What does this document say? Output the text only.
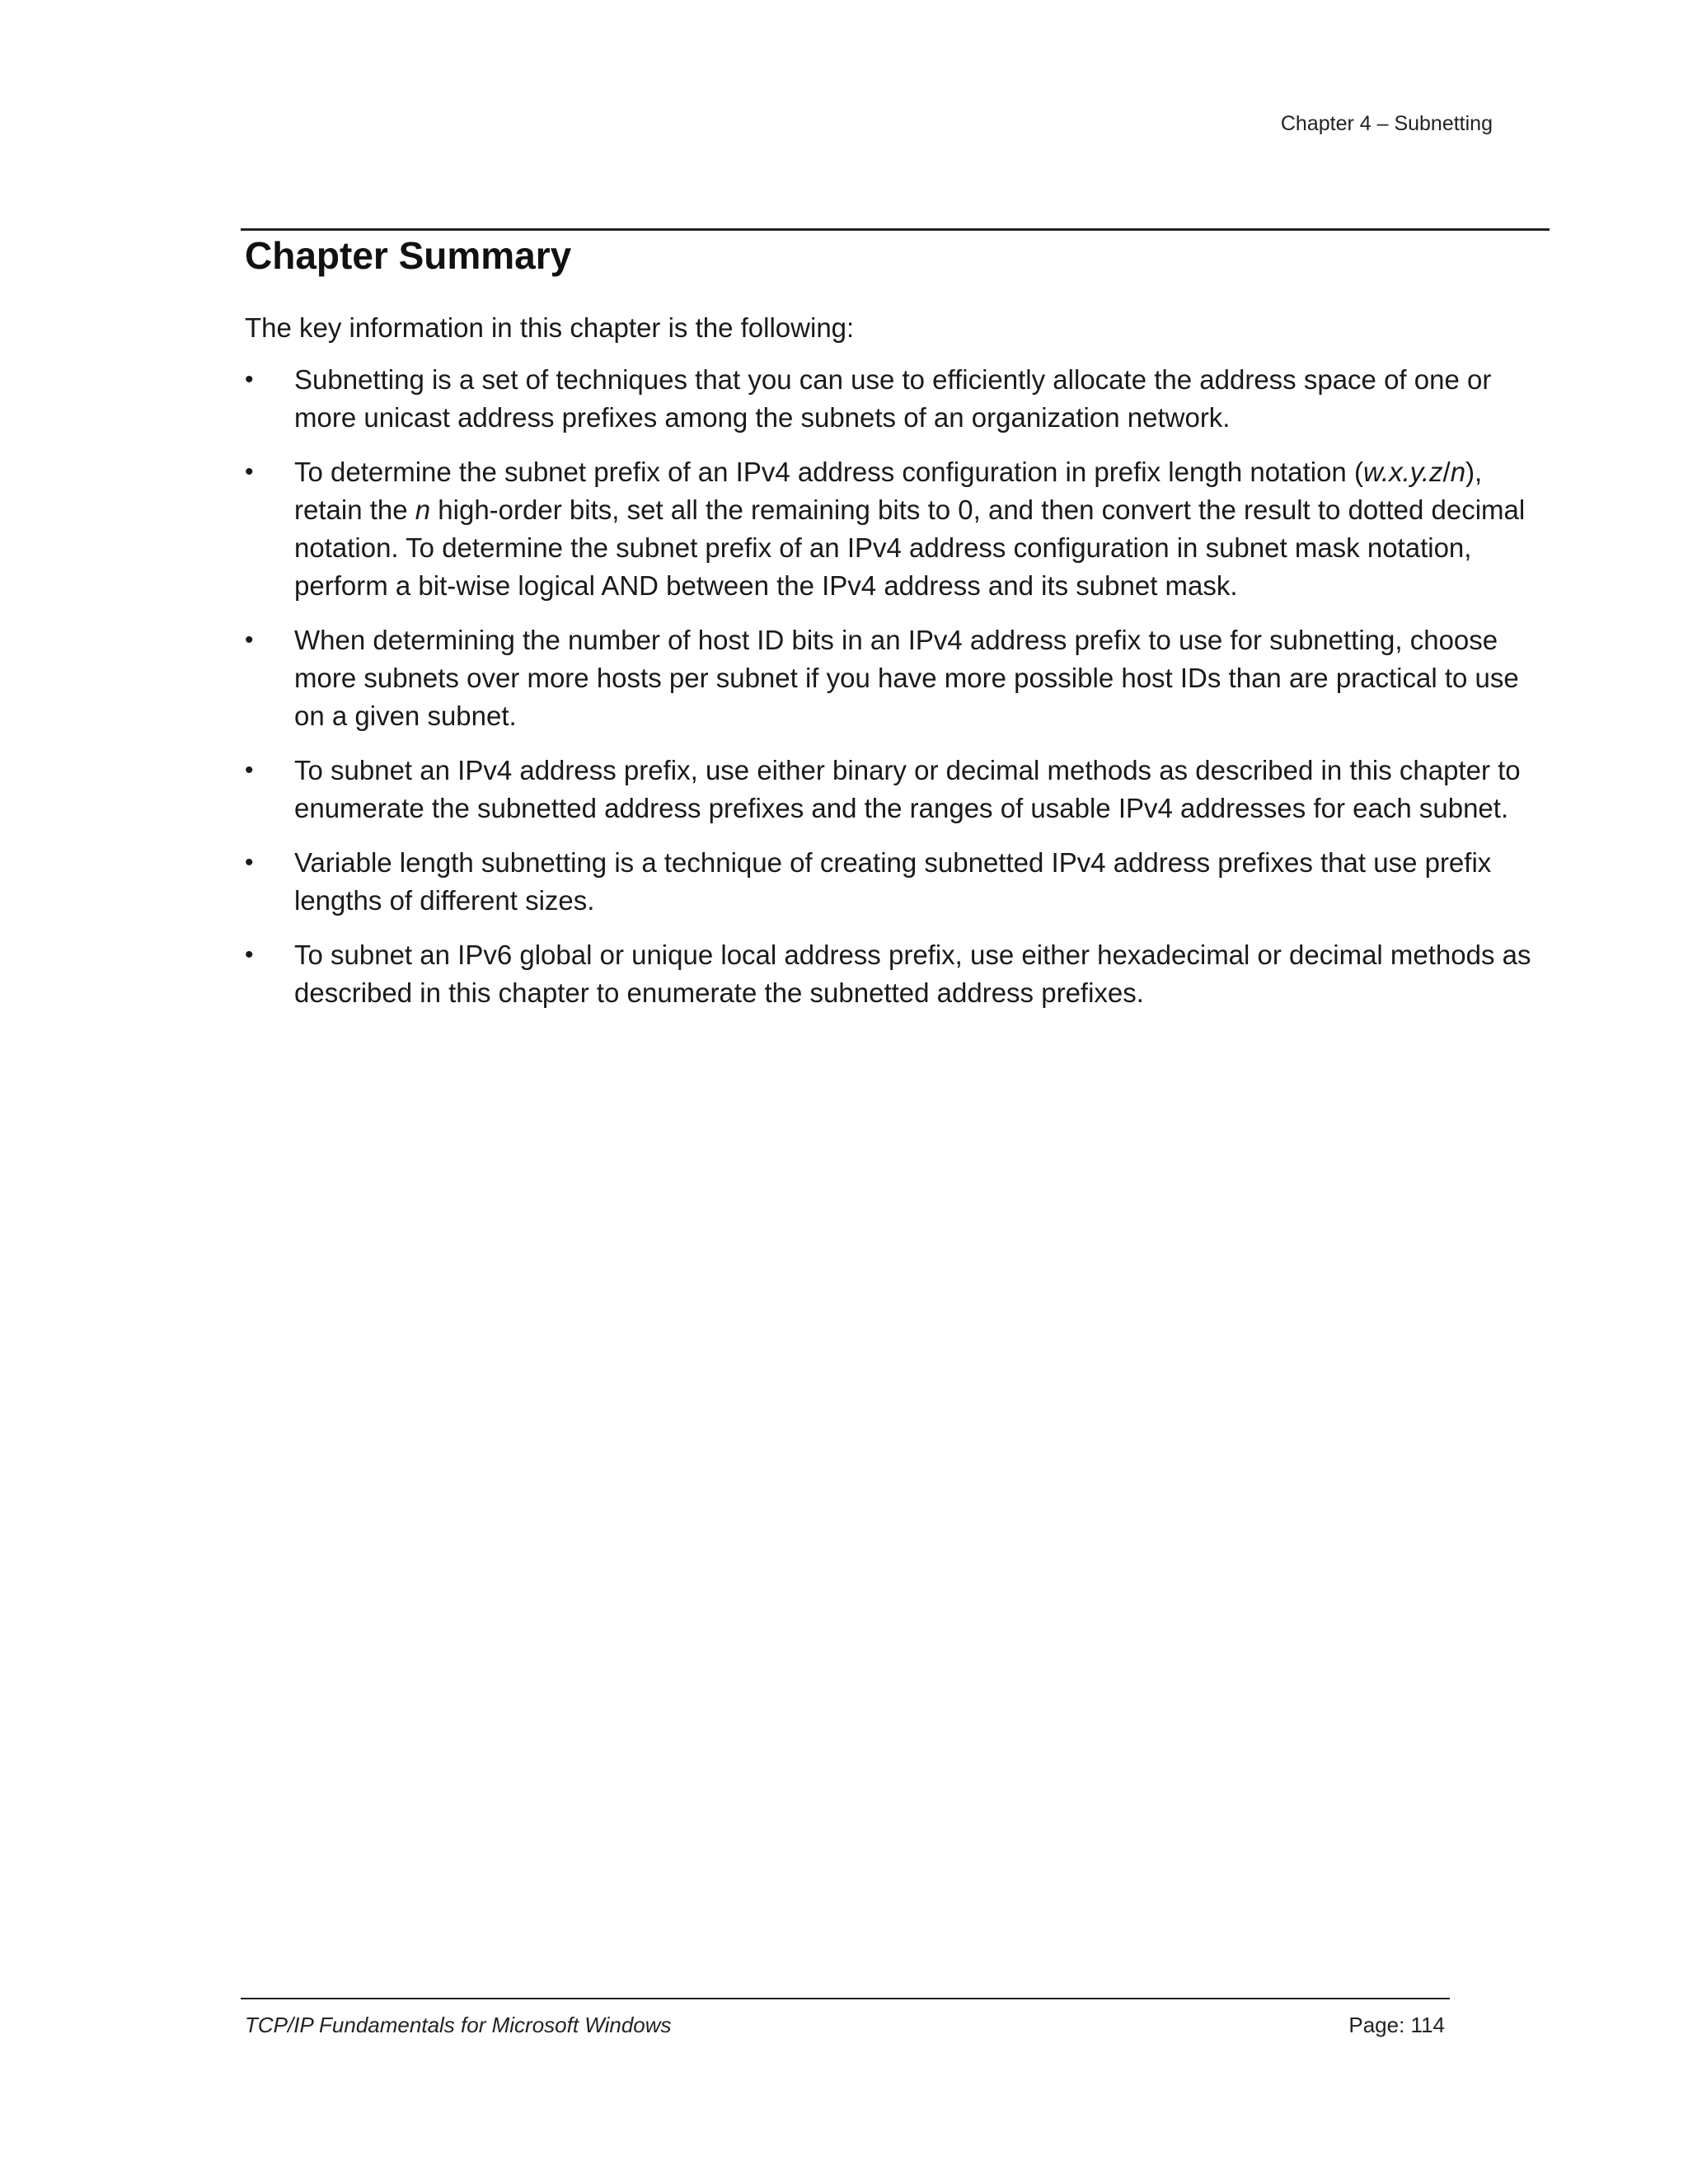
Chapter 4 – Subnetting
Chapter Summary

The key information in this chapter is the following:

• Subnetting is a set of techniques that you can use to efficiently allocate the address space of one or more unicast address prefixes among the subnets of an organization network.
• To determine the subnet prefix of an IPv4 address configuration in prefix length notation (w.x.y.z/n), retain the n high-order bits, set all the remaining bits to 0, and then convert the result to dotted decimal notation. To determine the subnet prefix of an IPv4 address configuration in subnet mask notation, perform a bit-wise logical AND between the IPv4 address and its subnet mask.
• When determining the number of host ID bits in an IPv4 address prefix to use for subnetting, choose more subnets over more hosts per subnet if you have more possible host IDs than are practical to use on a given subnet.
• To subnet an IPv4 address prefix, use either binary or decimal methods as described in this chapter to enumerate the subnetted address prefixes and the ranges of usable IPv4 addresses for each subnet.
• Variable length subnetting is a technique of creating subnetted IPv4 address prefixes that use prefix lengths of different sizes.
• To subnet an IPv6 global or unique local address prefix, use either hexadecimal or decimal methods as described in this chapter to enumerate the subnetted address prefixes.
TCP/IP Fundamentals for Microsoft Windows	Page: 114
